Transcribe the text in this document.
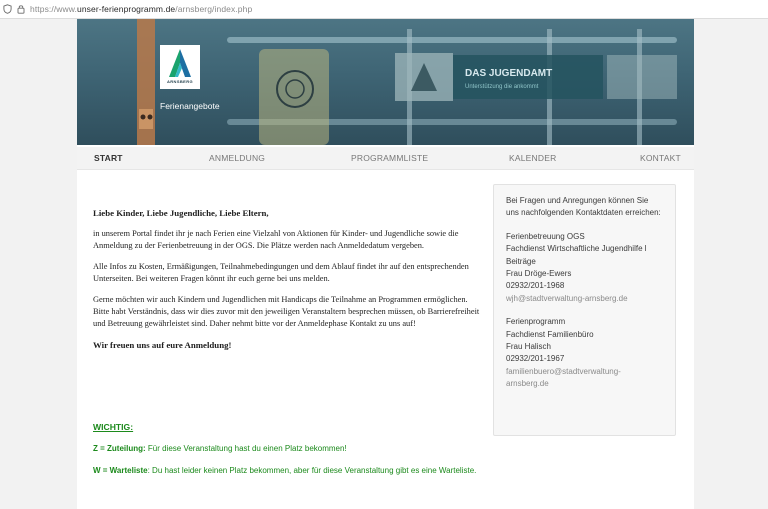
https://www.unser-ferienprogramm.de/arnsberg/index.php
DAS JUGENDAMT
Unterstützung die ankommt
ARNSBERG
Ferienangebote
START	ANMELDUNG	PROGRAMMLISTE	KALENDER	KONTAKT

Liebe Kinder, Liebe Jugendliche, Liebe Eltern,

in unserem Portal findet ihr je nach Ferien eine Vielzahl von Aktionen für Kinder- und Jugendliche sowie die Anmeldung zu der Ferienbetreuung in der OGS. Die Plätze werden nach Anmeldedatum vergeben.

Alle Infos zu Kosten, Ermäßigungen, Teilnahmebedingungen und dem Ablauf findet ihr auf den entsprechenden Unterseiten. Bei weiteren Fragen könnt ihr euch gerne bei uns melden.

Gerne möchten wir auch Kindern und Jugendlichen mit Handicaps die Teilnahme an Programmen ermöglichen. Bitte habt Verständnis, dass wir dies zuvor mit den jeweiligen Veranstaltern besprechen müssen, ob Barrierefreiheit und Betreuung gewährleistet sind. Daher nehmt bitte vor der Anmeldephase Kontakt zu uns auf!

Wir freuen uns auf eure Anmeldung!

WICHTIG:
Z = Zuteilung: Für diese Veranstaltung hast du einen Platz bekommen!
W = Warteliste: Du hast leider keinen Platz bekommen, aber für diese Veranstaltung gibt es eine Warteliste.
Bei Fragen und Anregungen können Sie uns nachfolgenden Kontaktdaten erreichen:
Ferienbetreuung OGS
Fachdienst Wirtschaftliche Jugendhilfe l Beiträge
Frau Dröge-Ewers
02932/201-1968
wjh@stadtverwaltung-arnsberg.de
Ferienprogramm
Fachdienst Familienbüro
Frau Halisch
02932/201-1967
familienbuero@stadtverwaltung-arnsberg.de
